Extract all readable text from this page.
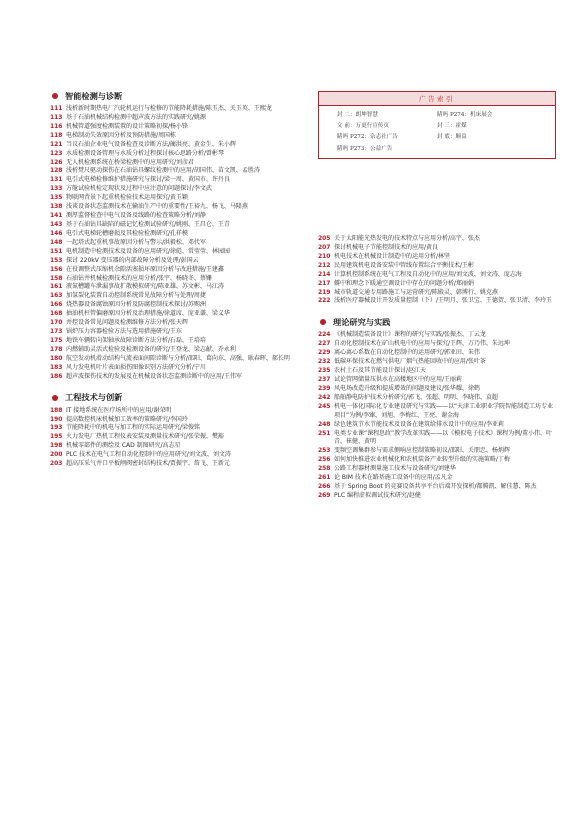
广告索引
封 二：朗坤智慧	睹吗 P274：机床展会
文 前：万更行宣传页	封 三：霍煤
睹吗 P272：杂志社广告	封 底：顺益
睹吗 P273：公益广告
智能检测与诊断
111 浅析新时期热电厂汽轮机运行与检修的节能降耗措施/陈玉杰、关玉英、王熙龙
113 基于石油机械结构检测中超声波方法的实践研究/姚源
116 机械管道强度检测装置的设计策略初探/杨小锋
118 电梯制动失效原因分析及预防措施/周国栋
121 当议石油企业电气设备检查及诊断方法/蔺洪亮、黄金生、朱小辉
123 水质检测设备管理与水质分析过程探讨核心思路分析/曾彬琴
126 无人机检测系统在桥梁检测中的应用研究/刘彦君
128 浅析焚尺驱动探伤在石油钻具螺纹检测中的应用/胡国伟、苗文凯、孟胜涛
131 电引式电梯检修维护措施研究与探讨/梁一周、黄国市、许丹良
133 方舱试验机检定现状及过程中应注意的问题探讨/李文武
135 物联网背景下起重机检验技术运用探究/黄玉颖
138 浅谈设备状态监测技术在输油生产中的重要性/王裕九、杨飞、马隆燕
141 测厚监督检查中电气设备及线路的检查策略分析/刘静
143 基于石油钻具缺陷的磁记忆检测试验研究/姚刚、王昌仑、王青
146 电引式电梯轮槽磨损及其检验检测研究/孔祥模
148 一起塔式起重机事故原因分析与警示/洪毅松、邓代军
151 电机制造中检测技术及设备的应用研究/徐彪、常莹莹、林园园
153 探讨 220kV 变压器的内部故障分析及处理/彭国云
156 在役调整式压缩机余隙活塞损坏原因分析与改进措施/王建鑫
158 石油钻井机械检测技术的应用分析/张宇、杨晓冬、蔡姗
161 液氮槽罐车泄漏事故扩散模拟研究/陈亚雄、苏文彬、马江涛
163 加氢裂化装置自动控制系统常见故障分析与处理/周捷
166 烧热器设备腐蚀原因分析及防腐控制技术探讨/苏赐洲
168 抽油机杆管偏磨原因分析及治理措施/徐道席、庞亚谦、梁义华
170 并控设备常见问题及检测维修方法分析/张天辉
173 锅炉压力容器检验方法与选用措施研究/王东
175 地铁车辆转向架轴承故障诊断方法分析/石磊、王培培
178 内燃辅助灵活式检验及检测设备的研究/王登龙、梁志献、乔永利
180 航空发动机滑动结构气流表面间隙诊断与分析/邵阳、葛向东、高强、耿春晖、郝长明
183 风力发电机叶片表面损伤图像识别方法研究分析/宁川
186 超声波探伤技术的发展及在机械设备状态监测诊断中的应用/王伟军
工程技术与创新
188 IT 接地系统在医疗场所中的应用/谢荣明
190 提高数控机床机械加工效率的策略研究/李国玲
193 节能降耗中的机电与加工程的实际运用研究/梁俊铭
195 火力发电厂热机工程仪表安装及测量技术研究/张荣振、樊豁
198 机械零部件的测绘及 CAD 制图研究/高志星
200 PLC 技术在电气工程自动化控制中的应用研究/刘文波、刘文涛
203 超高压采气井口平板闸阀密封结构技术/贾振宇、詹飞、王新元
205 关于太阳能光热发电的技术特点与应用分析/高宇、张杰
207 探讨机械电子节能控制技术的应用/黄良
210 机电技术在机械设计制造中的运用分析/林坚
212 民用建筑机电设备安装中管线布置综合平衡技术/王彬
214 计算机控制系统在电气工程及自动化中的应用/刘文波、刘文涛、庞志海
217 僻中和理念下暖通空调设计中存在的问题分析/郑丽娟
219 城市轨道交通专用路施工与运营研究/陈殿灵、韩博行、姚克燕
222 浅析医疗器械设计开发质量控制（下）/王明月、张卫宝、王德贺、张卫清、李玲玉
理论研究与实践
224 《机械制造装备设计》课程的研究与实践/张振杰、丁云龙
227 自动化控制技术在矿山机电中的应用与探究/王辉、万乃伟、朱远坤
229 离心离心系数在自动化控制中的运用研究/郭亚田、朱伟
232 低碳环保技术在燃气供电厂烟气热能回收中的应用/张叶茶
235 农村土石及其节能设计探讨/赵江天
237 试论管网储量压供水在高楼地区中的应用/王丽莉
239 风电场改造升级和提质增效的问题及建议/张华耀、徐鹤
242 船舶静电防护技术分析研究/郭飞、张超、明明、李晓伟、袁超
245 机电一体化国际化专业建设研究与实践——以“天津工业职业学院智能制造工坊专业项目”为例/李臻、刘旭、李梅红、王亮、谢金海
248 绿色建筑节水节能技术及设备在建筑给排水设计中的应用/李亚莉
251 电类专业课“课程思政”教学改革实践——以《模拟电子技术》课程为例/董小伟、叶青、崔健、黄明
253 变频空调集群参与需求侧响应控制策略初议/邵阳、关朋忠、杨炳辉
256 如何加快推进农业机械化和农机装备产业转型升级的实施策略/丁梅
258 公路工程器材测量施工技术与设备研究/刘建华
261 论 BIM 技术在路基施工设备中的应用/孟凡金
266 基于 Spring Boot 的竞赛设备共享平台后端开发探析/都腾凯、解佳慧、陈杰
269 PLC 编程虚拟调试技术研究/赵健
